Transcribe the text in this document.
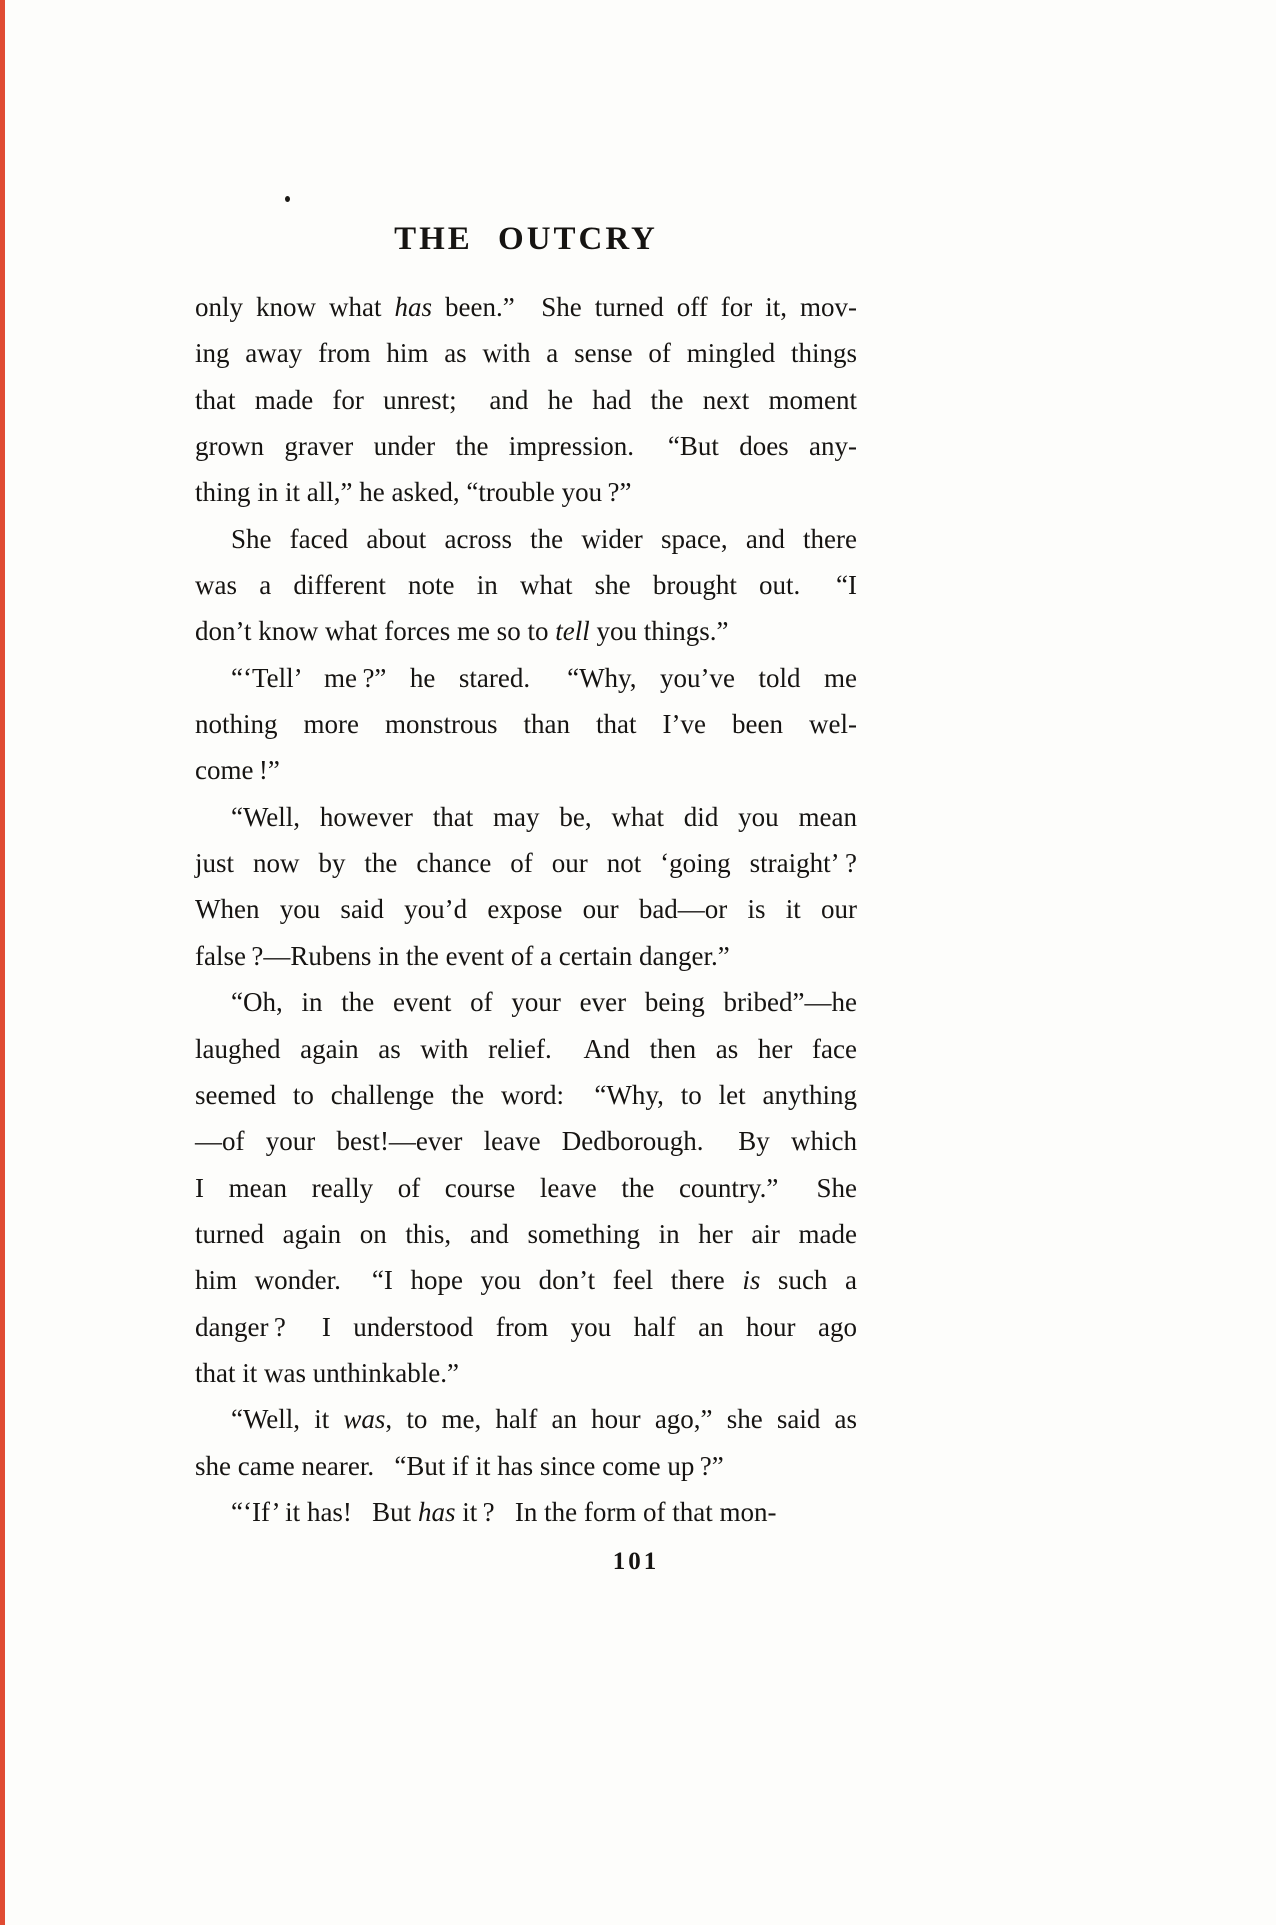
THE OUTCRY
only know what has been.”  She turned off for it, mov-
ing away from him as with a sense of mingled things
that made for unrest;  and he had the next moment
grown graver under the impression.  “But does any-
thing in it all,” he asked, “trouble you ?”
She faced about across the wider space, and there
was a different note in what she brought out.  “I
don’t know what forces me so to tell you things.”
“‘Tell’ me ?” he stared.  “Why, you’ve told me
nothing more monstrous than that I’ve been wel-
come !”
“Well, however that may be, what did you mean
just now by the chance of our not ‘going straight’ ?
When you said you’d expose our bad—or is it our
false ?—Rubens in the event of a certain danger.”
“Oh, in the event of your ever being bribed”—he
laughed again as with relief.  And then as her face
seemed to challenge the word:  “Why, to let anything
—of your best!—ever leave Dedborough.  By which
I mean really of course leave the country.”  She
turned again on this, and something in her air made
him wonder.  “I hope you don’t feel there is such a
danger ?  I understood from you half an hour ago
that it was unthinkable.”
“Well, it was, to me, half an hour ago,” she said as
she came nearer.  “But if it has since come up ?”
“‘If’ it has!  But has it ?  In the form of that mon-
101
